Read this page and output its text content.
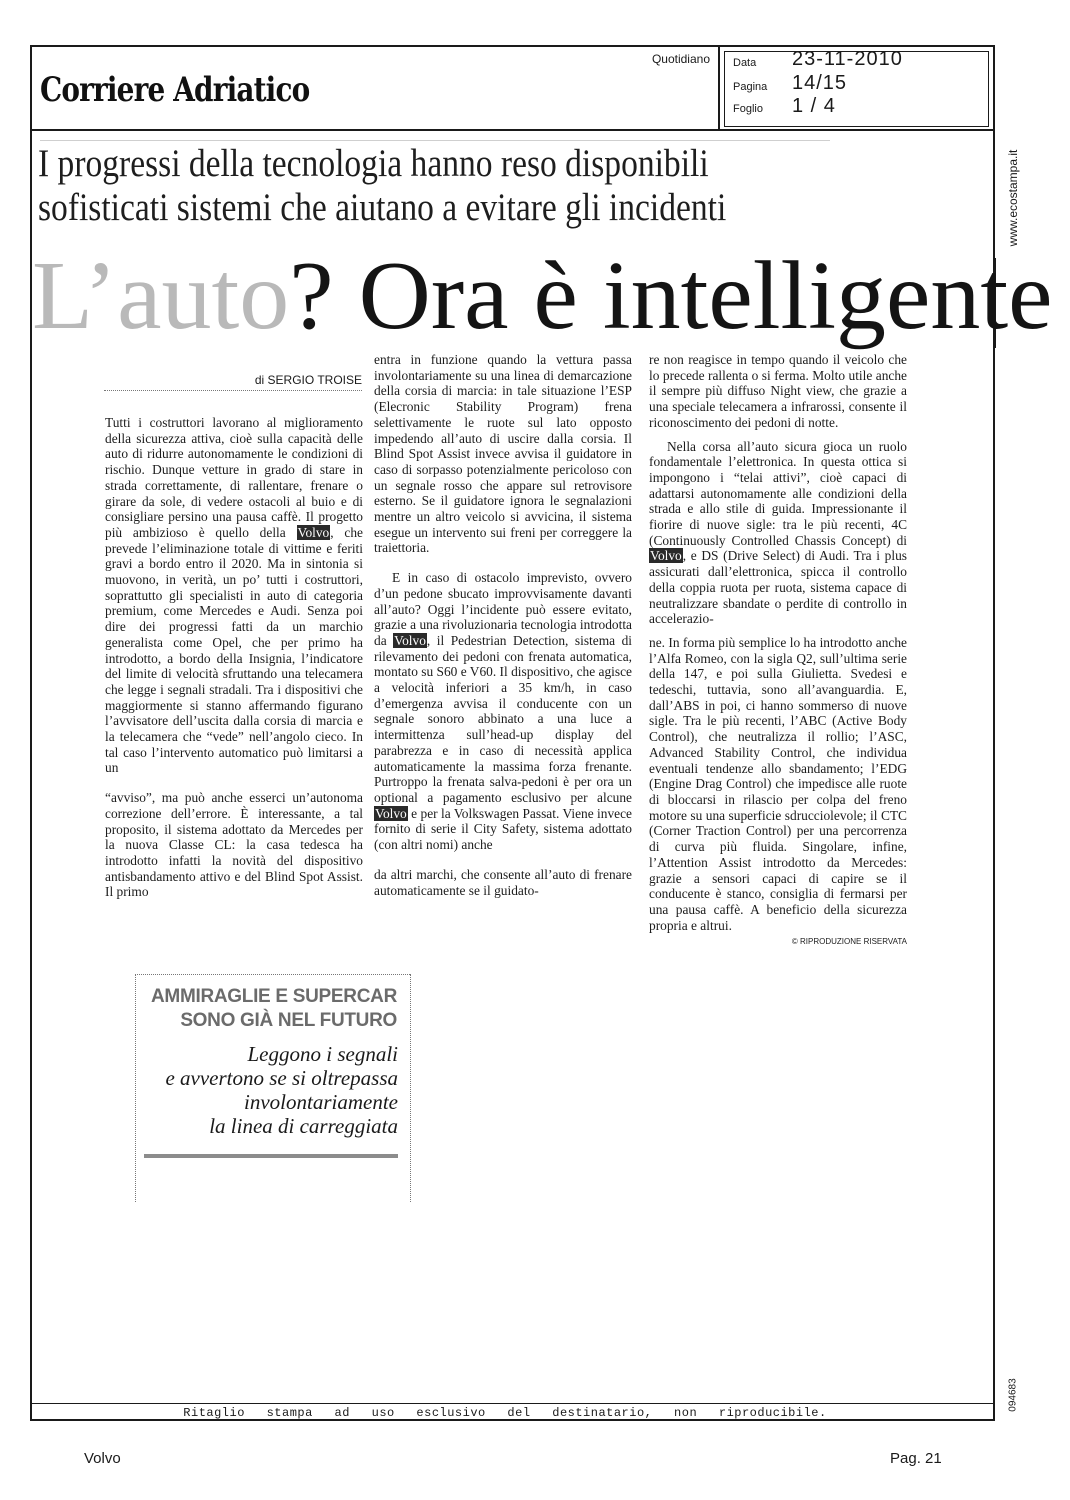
Corriere Adriatico
Quotidiano Data 23-11-2010
Pagina 14/15
Foglio 1 / 4
www.ecostampa.it
094683
I progressi della tecnologia hanno reso disponibili
sofisticati sistemi che aiutano a evitare gli incidenti
L’auto? Ora è intelligente
di SERGIO TROISE

Tutti i costruttori lavorano al miglioramento della sicurezza attiva, cioè sulla capacità delle auto di ridurre autonomamente le condizioni di rischio. Dunque vetture in grado di stare in strada correttamente, di rallentare, frenare o girare da sole, di vedere ostacoli al buio e di consigliare persino una pausa caffè. Il progetto più ambizioso è quello della Volvo, che prevede l’eliminazione totale di vittime e feriti gravi a bordo entro il 2020. Ma in sintonia si muovono, in verità, un po’ tutti i costruttori, soprattutto gli specialisti in auto di categoria premium, come Mercedes e Audi. Senza poi dire dei progressi fatti da un marchio generalista come Opel, che per primo ha introdotto, a bordo della Insignia, l’indicatore del limite di velocità sfruttando una telecamera che legge i segnali stradali. Tra i dispositivi che maggiormente si stanno affermando figurano l’avvisatore dell’uscita dalla corsia di marcia e la telecamera che “vede” nell’angolo cieco. In tal caso l’intervento automatico può limitarsi a un

“avviso”, ma può anche esserci un’autonoma correzione dell’errore. È interessante, a tal proposito, il sistema adottato da Mercedes per la nuova Classe CL: la casa tedesca ha introdotto infatti la novità del dispositivo antisbandamento attivo e del Blind Spot Assist. Il primo

entra in funzione quando la vettura passa involontariamente su una linea di demarcazione della corsia di marcia: in tale situazione l’ESP (Elecronic Stability Program) frena selettivamente le ruote sul lato opposto impedendo all’auto di uscire dalla corsia. Il Blind Spot Assist invece avvisa il guidatore in caso di sorpasso potenzialmente pericoloso con un segnale rosso che appare sul retrovisore esterno. Se il guidatore ignora le segnalazioni mentre un altro veicolo si avvicina, il sistema esegue un intervento sui freni per correggere la traiettoria.

E in caso di ostacolo imprevisto, ovvero d’un pedone sbucato improvvisamente davanti all’auto? Oggi l’incidente può essere evitato, grazie a una rivoluzionaria tecnologia introdotta da Volvo, il Pedestrian Detection, sistema di rilevamento dei pedoni con frenata automatica, montato su S60 e V60. Il dispositivo, che agisce a velocità inferiori a 35 km/h, in caso d’emergenza avvisa il conducente con un segnale sonoro abbinato a una luce a intermittenza sull’head-up display del parabrezza e in caso di necessità applica automaticamente la massima forza frenante. Purtroppo la frenata salva-pedoni è per ora un optional a pagamento esclusivo per alcune Volvo e per la Volkswagen Passat. Viene invece fornito di serie il City Safety, sistema adottato (con altri nomi) anche

da altri marchi, che consente all’auto di frenare automaticamente se il guidato-

re non reagisce in tempo quando il veicolo che lo precede rallenta o si ferma. Molto utile anche il sempre più diffuso Night view, che grazie a una speciale telecamera a infrarossi, consente il riconoscimento dei pedoni di notte.

Nella corsa all’auto sicura gioca un ruolo fondamentale l’elettronica. In questa ottica si impongono i “telai attivi”, cioè capaci di adattarsi autonomamente alle condizioni della strada e allo stile di guida. Impressionante il fiorire di nuove sigle: tra le più recenti, 4C (Continuously Controlled Chassis Concept) di Volvo, e DS (Drive Select) di Audi. Tra i plus assicurati dall’elettronica, spicca il controllo della coppia ruota per ruota, sistema capace di neutralizzare sbandate o perdite di controllo in accelerazio-

ne. In forma più semplice lo ha introdotto anche l’Alfa Romeo, con la sigla Q2, sull’ultima serie della 147, e poi sulla Giulietta. Svedesi e tedeschi, tuttavia, sono all’avanguardia. E, dall’ABS in poi, ci hanno sommerso di nuove sigle. Tra le più recenti, l’ABC (Active Body Control), che neutralizza il rollio; l’ASC, Advanced Stability Control, che individua eventuali tendenze allo sbandamento; l’EDG (Engine Drag Control) che impedisce alle ruote di bloccarsi in rilascio per colpa del freno motore su una superficie sdrucciolevole; il CTC (Corner Traction Control) per una percorrenza di curva più fluida. Singolare, infine, l’Attention Assist introdotto da Mercedes: grazie a sensori capaci di capire se il conducente è stanco, consiglia di fermarsi per una pausa caffè. A beneficio della sicurezza propria e altrui.

© RIPRODUZIONE RISERVATA
AMMIRAGLIE E SUPERCAR
SONO GIÀ NEL FUTURO
Leggono i segnali
e avvertono se si oltrepassa
involontariamente
la linea di carreggiata
Ritaglio stampa ad uso esclusivo del destinatario, non riproducibile.
Volvo	Pag. 21
